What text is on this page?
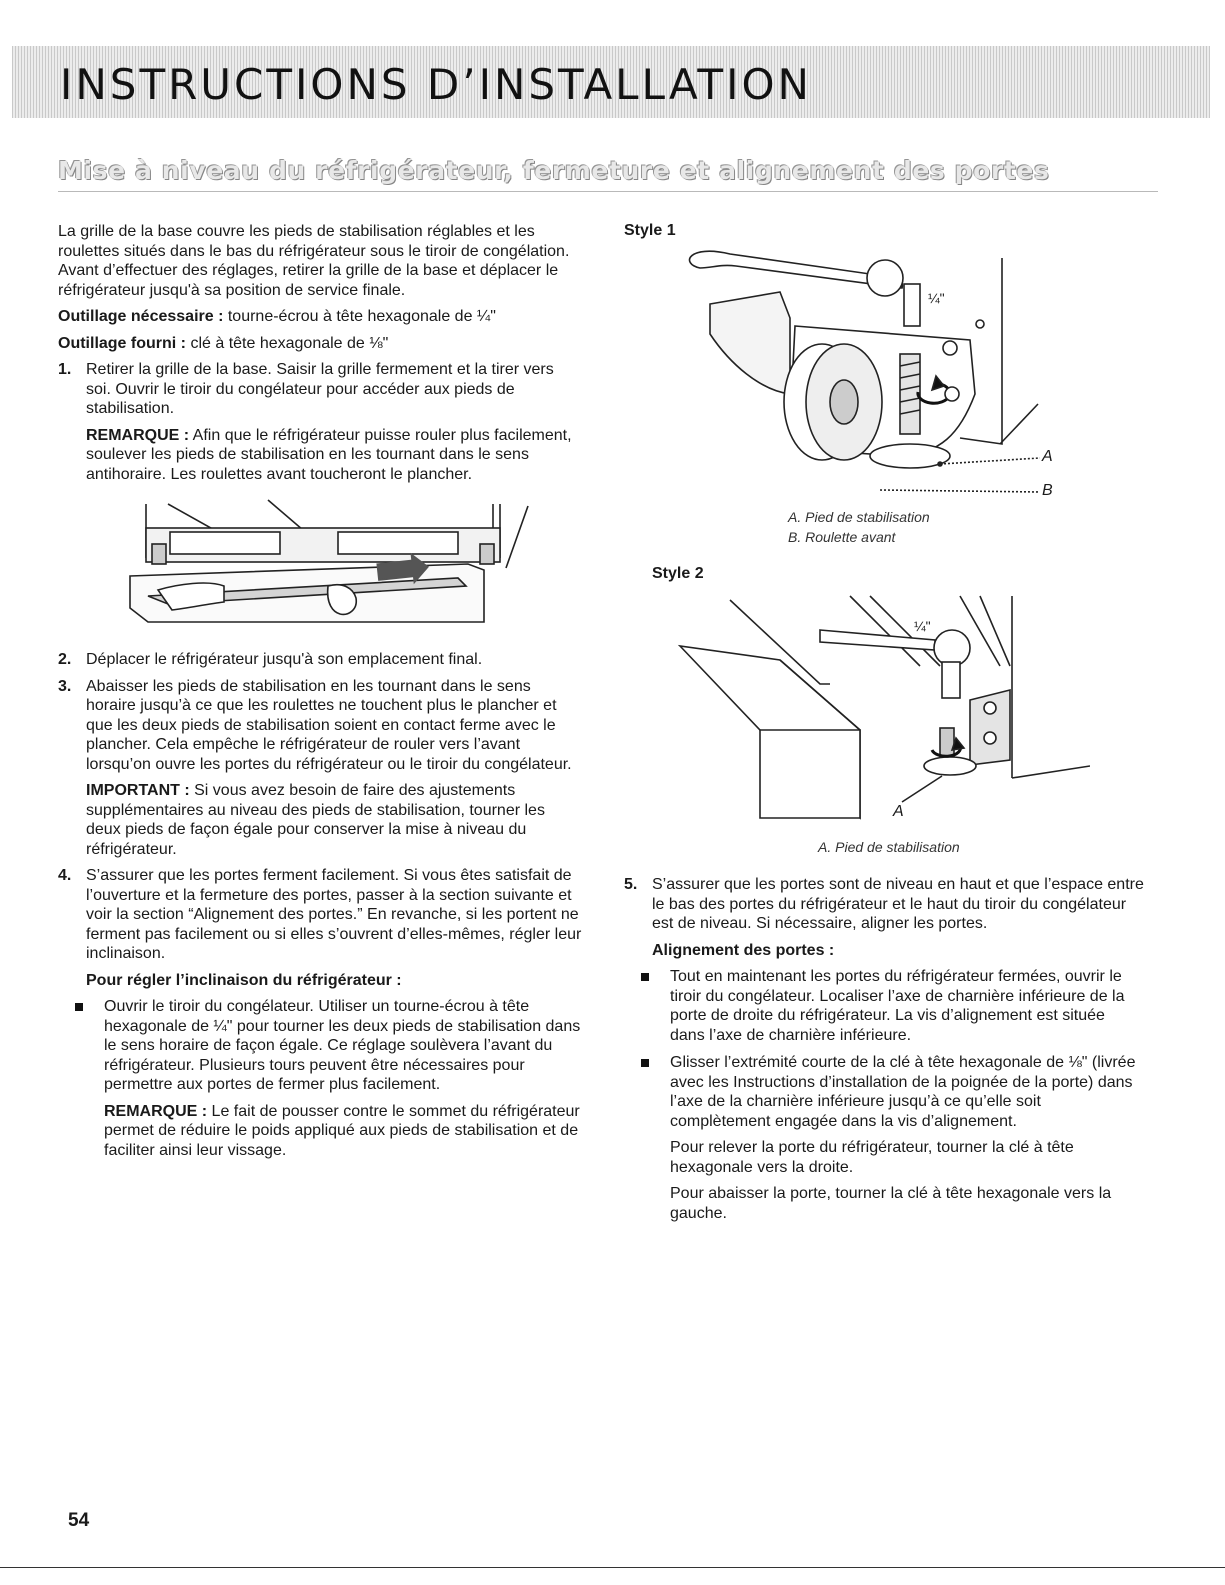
INSTRUCTIONS D’INSTALLATION
Mise à niveau du réfrigérateur, fermeture et alignement des portes

La grille de la base couvre les pieds de stabilisation réglables et les roulettes situés dans le bas du réfrigérateur sous le tiroir de congélation. Avant d’effectuer des réglages, retirer la grille de la base et déplacer le réfrigérateur jusqu'à sa position de service finale.

Outillage nécessaire : tourne-écrou à tête hexagonale de ¼"

Outillage fourni : clé à tête hexagonale de ⅛"

1. Retirer la grille de la base. Saisir la grille fermement et la tirer vers soi. Ouvrir le tiroir du congélateur pour accéder aux pieds de stabilisation.

REMARQUE : Afin que le réfrigérateur puisse rouler plus facilement, soulever les pieds de stabilisation en les tournant dans le sens antihoraire. Les roulettes avant toucheront le plancher.

2. Déplacer le réfrigérateur jusqu'à son emplacement final.

3. Abaisser les pieds de stabilisation en les tournant dans le sens horaire jusqu’à ce que les roulettes ne touchent plus le plancher et que les deux pieds de stabilisation soient en contact ferme avec le plancher. Cela empêche le réfrigérateur de rouler vers l’avant lorsqu’on ouvre les portes du réfrigérateur ou le tiroir du congélateur.

IMPORTANT : Si vous avez besoin de faire des ajustements supplémentaires au niveau des pieds de stabilisation, tourner les deux pieds de façon égale pour conserver la mise à niveau du réfrigérateur.

4. S’assurer que les portes ferment facilement. Si vous êtes satisfait de l’ouverture et la fermeture des portes, passer à la section suivante et voir la section “Alignement des portes.” En revanche, si les portent ne ferment pas facilement ou si elles s’ouvrent d’elles-mêmes, régler leur inclinaison.

Pour régler l’inclinaison du réfrigérateur :

Ouvrir le tiroir du congélateur. Utiliser un tourne-écrou à tête hexagonale de ¼" pour tourner les deux pieds de stabilisation dans le sens horaire de façon égale. Ce réglage soulèvera l’avant du réfrigérateur. Plusieurs tours peuvent être nécessaires pour permettre aux portes de fermer plus facilement.

REMARQUE : Le fait de pousser contre le sommet du réfrigérateur permet de réduire le poids appliqué aux pieds de stabilisation et de faciliter ainsi leur vissage.

Style 1
¼"
A
B
A. Pied de stabilisation
B. Roulette avant
Style 2
¼"
A
A. Pied de stabilisation
5. S’assurer que les portes sont de niveau en haut et que l’espace entre le bas des portes du réfrigérateur et le haut du tiroir du congélateur est de niveau. Si nécessaire, aligner les portes.

Alignement des portes :

Tout en maintenant les portes du réfrigérateur fermées, ouvrir le tiroir du congélateur. Localiser l’axe de charnière inférieure de la porte de droite du réfrigérateur. La vis d’alignement est située dans l’axe de charnière inférieure.

Glisser l’extrémité courte de la clé à tête hexagonale de ⅛" (livrée avec les Instructions d’installation de la poignée de la porte) dans l’axe de la charnière inférieure jusqu’à ce qu’elle soit complètement engagée dans la vis d’alignement.

Pour relever la porte du réfrigérateur, tourner la clé à tête hexagonale vers la droite.

Pour abaisser la porte, tourner la clé à tête hexagonale vers la gauche.

54
